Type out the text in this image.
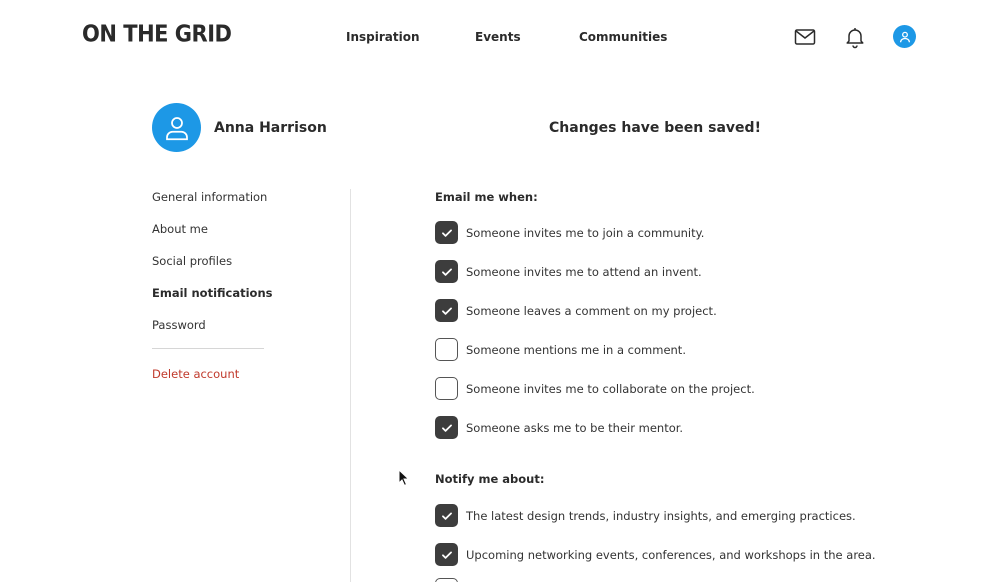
ON THE GRID	Inspiration	Events	Communities
Anna Harrison	Changes have been saved!
General information
About me
Social profiles
Email notifications
Password
Delete account
Email me when:
Someone invites me to join a community.
Someone invites me to attend an invent.
Someone leaves a comment on my project.
Someone mentions me in a comment.
Someone invites me to collaborate on the project.
Someone asks me to be their mentor.
Notify me about:
The latest design trends, industry insights, and emerging practices.
Upcoming networking events, conferences, and workshops in the area.
